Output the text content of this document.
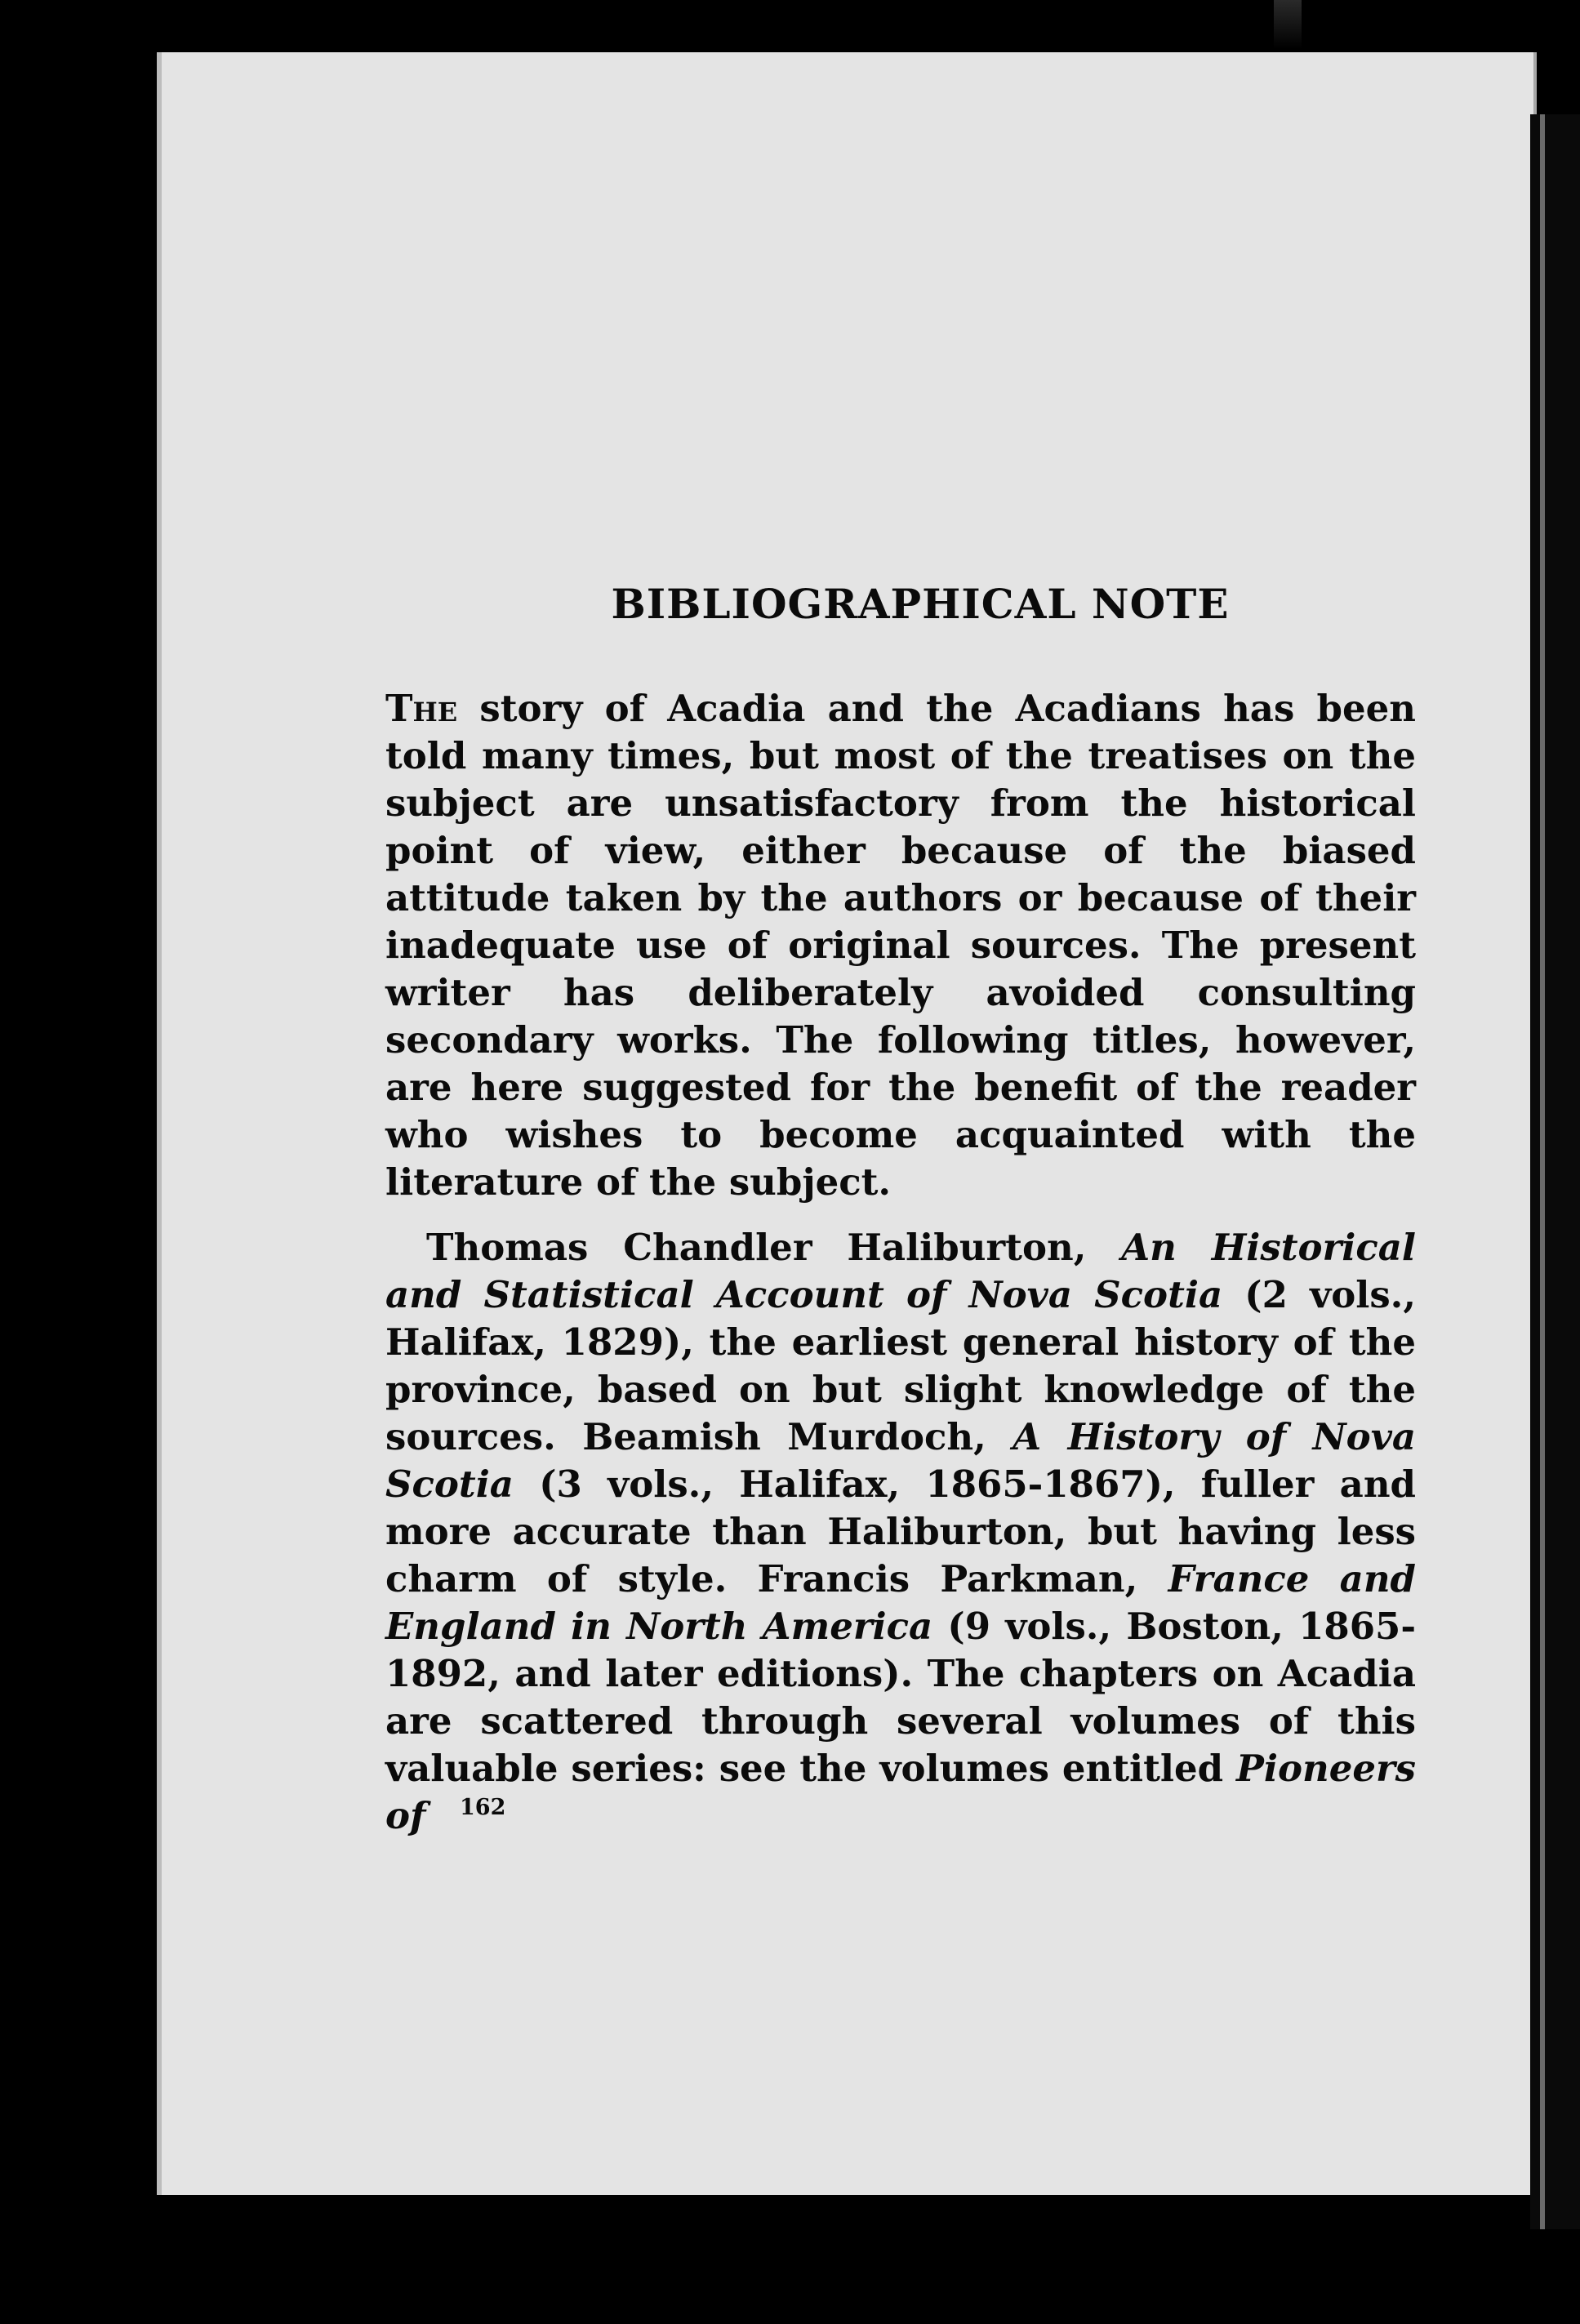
BIBLIOGRAPHICAL NOTE

The story of Acadia and the Acadians has been told many times, but most of the treatises on the subject are unsatisfactory from the historical point of view, either because of the biased attitude taken by the authors or because of their inadequate use of original sources. The present writer has deliberately avoided consulting secondary works. The following titles, however, are here suggested for the benefit of the reader who wishes to become acquainted with the literature of the subject.

Thomas Chandler Haliburton, An Historical and Statistical Account of Nova Scotia (2 vols., Halifax, 1829), the earliest general history of the province, based on but slight knowledge of the sources. Beamish Murdoch, A History of Nova Scotia (3 vols., Halifax, 1865-1867), fuller and more accurate than Haliburton, but having less charm of style. Francis Parkman, France and England in North America (9 vols., Boston, 1865-1892, and later editions). The chapters on Acadia are scattered through several volumes of this valuable series: see the volumes entitled Pioneers of	162
